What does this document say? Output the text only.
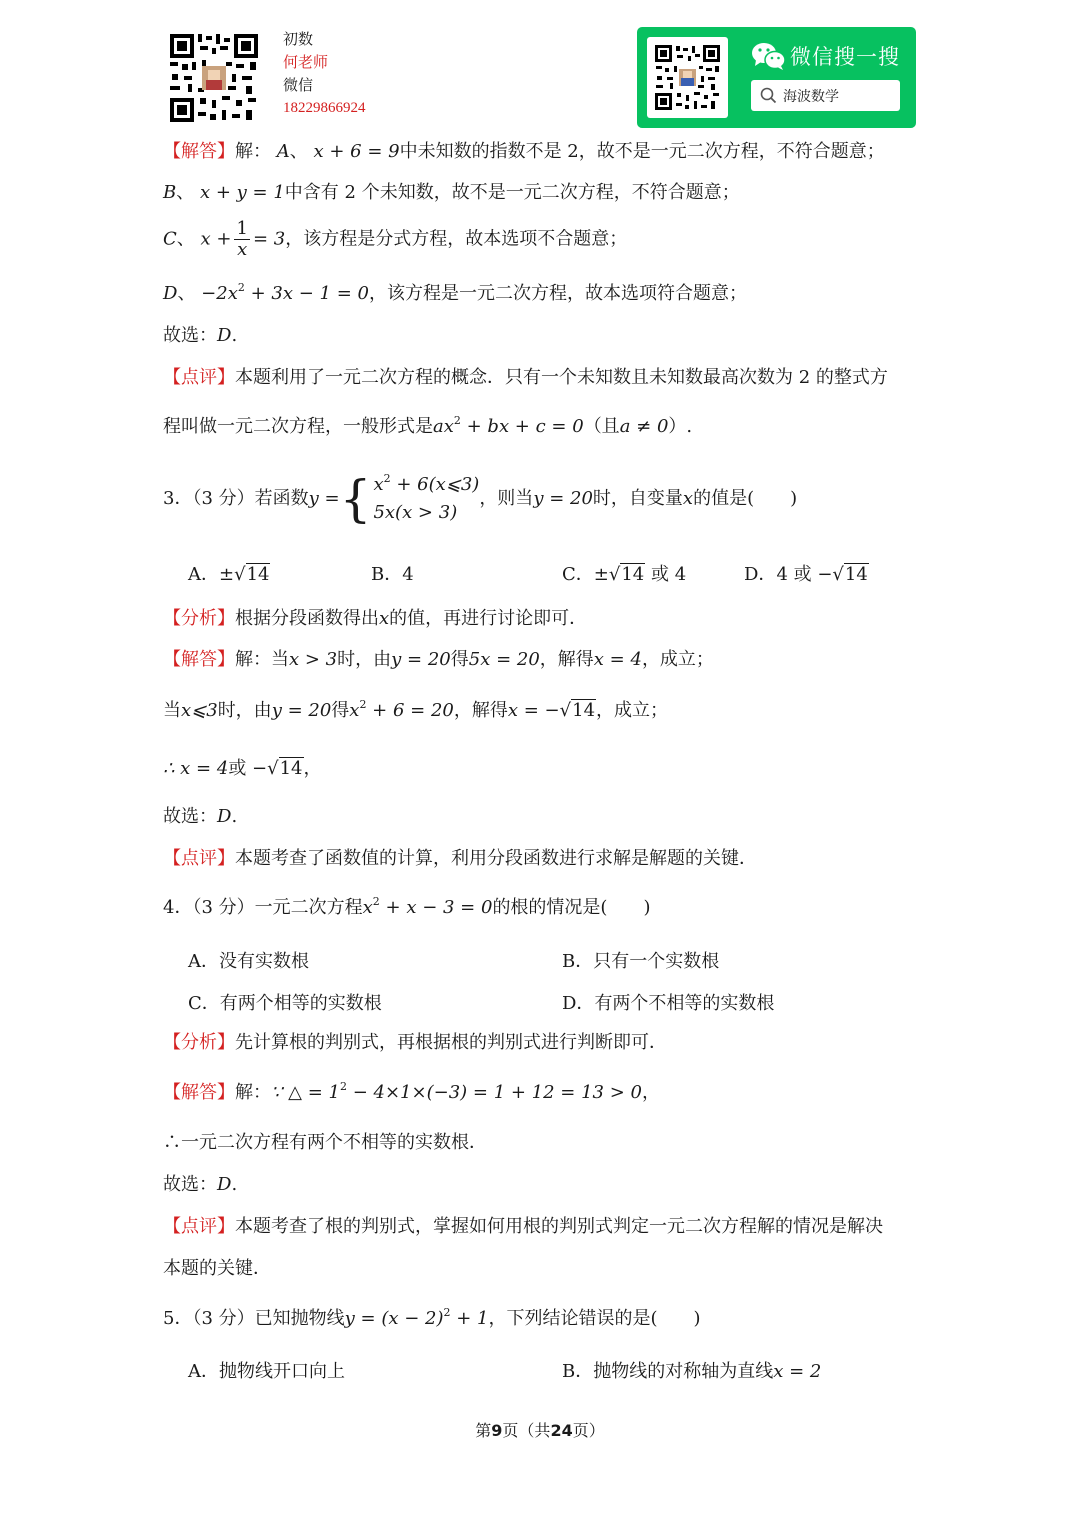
初数
何老师
微信
18229866924
微信搜一搜
海波数学
【解答】解： A、 x + 6 = 9中未知数的指数不是 2，故不是一元二次方程，不符合题意；
B、 x + y = 1中含有 2 个未知数，故不是一元二次方程，不符合题意；
C、 $x + \frac{1}{x} = 3$，该方程是分式方程，故本选项不合题意；
D、 $-2x^2 + 3x - 1 = 0$，该方程是一元二次方程，故本选项符合题意；
故选：D.
【点评】本题利用了一元二次方程的概念．只有一个未知数且未知数最高次数为 2 的整式方
程叫做一元二次方程，一般形式是$ax^2$ + bx + c = 0（且a ≠ 0）.
3．（3 分）若函数y ={ $x^2$ + 6(x⩽3)
5x(x > 3)
，则当y = 20时，自变量x的值是(　　)
A．±√14	B．4	C．±√14 或 4	D．4 或 −√14
【分析】根据分段函数得出x的值，再进行讨论即可．
【解答】解：当x > 3时，由y = 20得5x = 20，解得x = 4，成立；
当x⩽3时，由y = 20得$x^2 + 6 = 20$，解得x = −√14，成立；
∴ x = 4或 −√14，
故选：D.
【点评】本题考查了函数值的计算，利用分段函数进行求解是解题的关键．
4．（3 分）一元二次方程$x^2 + x - 3 = 0$的根的情况是(　　)
A．没有实数根	B．只有一个实数根
C．有两个相等的实数根	D．有两个不相等的实数根
【分析】先计算根的判别式，再根据根的判别式进行判断即可．
【解答】解：∵ △ = $1^2 - 4\times 1\times(-3) = 1 + 12 = 13 > 0$，
∴一元二次方程有两个不相等的实数根．
故选：D.
【点评】本题考查了根的判别式，掌握如何用根的判别式判定一元二次方程解的情况是解决
本题的关键．
5．（3 分）已知抛物线$y = (x - 2)^2 + 1$，下列结论错误的是(　　)
A．抛物线开口向上	B．抛物线的对称轴为直线x = 2
第9页（共24页）
